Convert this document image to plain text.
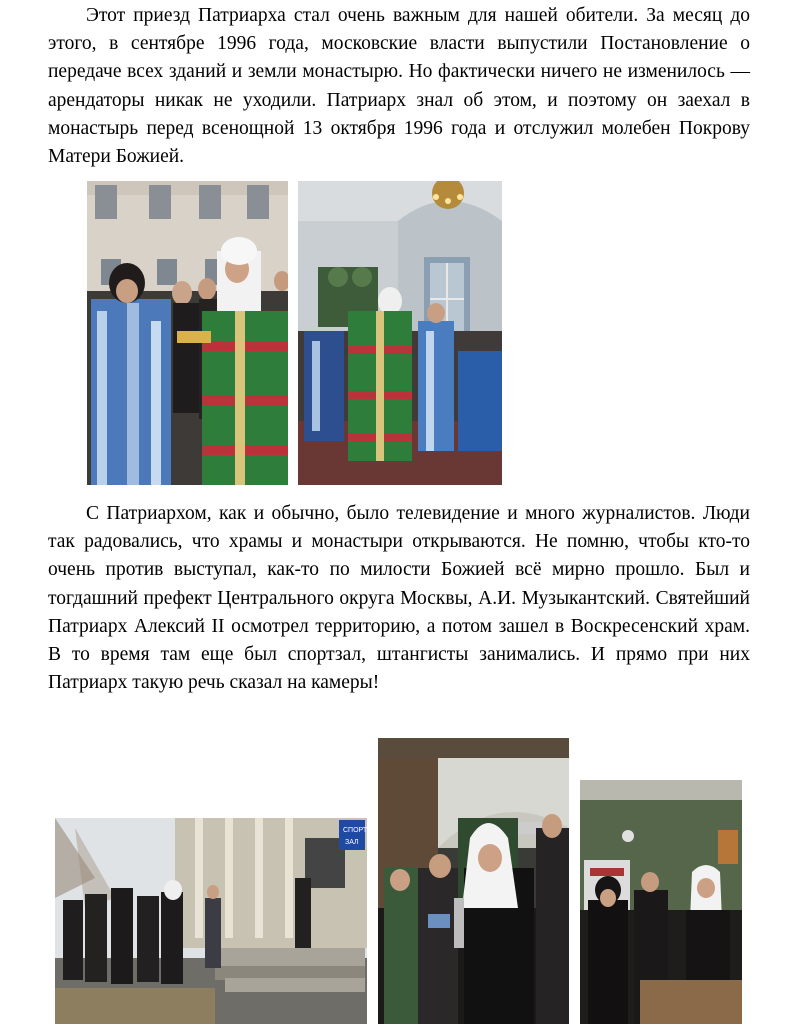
Этот приезд Патриарха стал очень важным для нашей обители. За месяц до этого, в сентябре 1996 года, московские власти выпустили Постановление о передаче всех зданий и земли монастырю. Но фактически ничего не изменилось — арендаторы никак не уходили. Патриарх знал об этом, и поэтому он заехал в монастырь перед всенощной 13 октября 1996 года и отслужил молебен Покрову Матери Божией.

С Патриархом, как и обычно, было телевидение и много журналистов. Люди так радовались, что храмы и монастыри открываются. Не помню, чтобы кто-то очень против выступал, как-то по милости Божией всё мирно прошло. Был и тогдашний префект Центрального округа Москвы, А.И. Музыкантский. Святейший Патриарх Алексий II осмотрел территорию, а потом зашел в Воскресенский храм. В то время там еще был спортзал, штангисты занимались. И прямо при них Патриарх такую речь сказал на камеры!

СПОРТ
ЗАЛ
